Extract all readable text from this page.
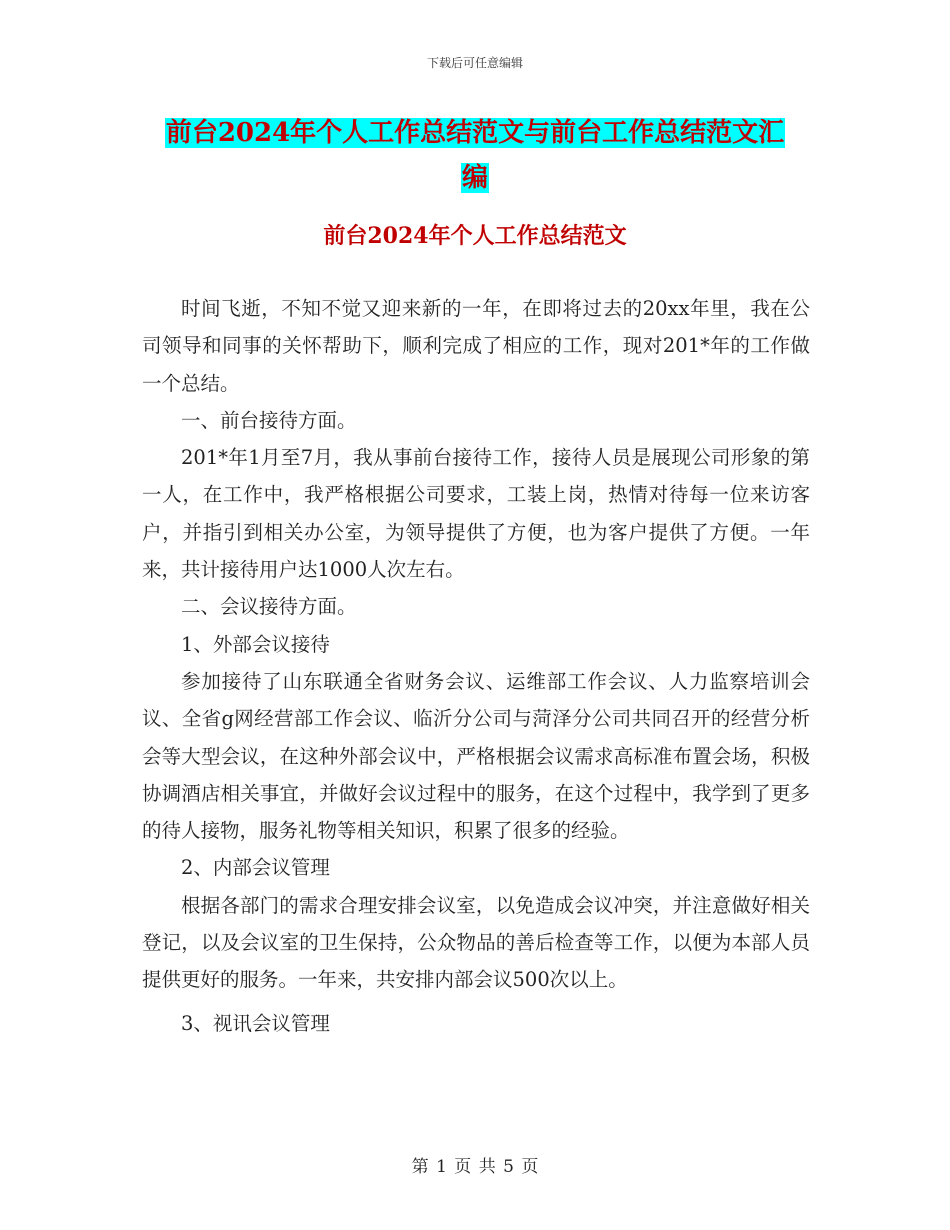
下载后可任意编辑
前台2024年个人工作总结范文与前台工作总结范文汇
编
前台2024年个人工作总结范文

时间飞逝，不知不觉又迎来新的一年，在即将过去的20xx年里，我在公司领导和同事的关怀帮助下，顺利完成了相应的工作，现对201*年的工作做一个总结。

一、前台接待方面。

201*年1月至7月，我从事前台接待工作，接待人员是展现公司形象的第一人，在工作中，我严格根据公司要求，工装上岗，热情对待每一位来访客户，并指引到相关办公室，为领导提供了方便，也为客户提供了方便。一年来，共计接待用户达1000人次左右。

二、会议接待方面。

1、外部会议接待

参加接待了山东联通全省财务会议、运维部工作会议、人力监察培训会议、全省g网经营部工作会议、临沂分公司与菏泽分公司共同召开的经营分析会等大型会议，在这种外部会议中，严格根据会议需求高标准布置会场，积极协调酒店相关事宜，并做好会议过程中的服务，在这个过程中，我学到了更多的待人接物，服务礼物等相关知识，积累了很多的经验。

2、内部会议管理

根据各部门的需求合理安排会议室，以免造成会议冲突，并注意做好相关登记，以及会议室的卫生保持，公众物品的善后检查等工作，以便为本部人员提供更好的服务。一年来，共安排内部会议500次以上。

3、视讯会议管理

第 1 页 共 5 页
